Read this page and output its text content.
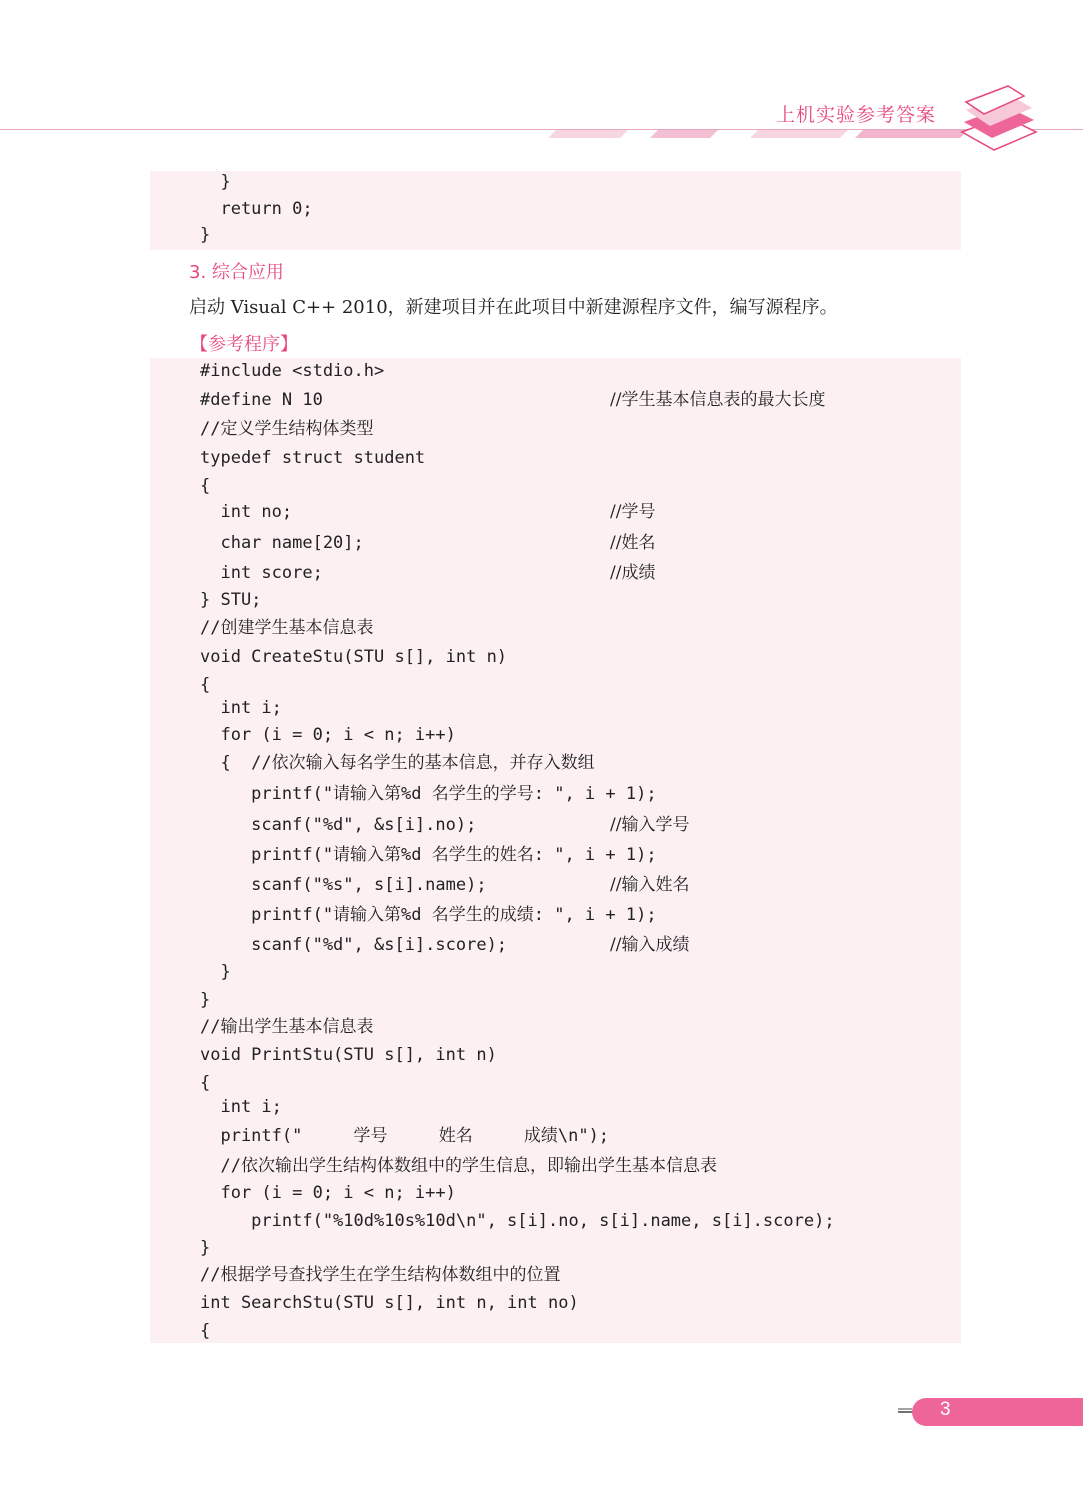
上机实验参考答案
}
return 0;
}
3. 综合应用
启动 Visual C++ 2010，新建项目并在此项目中新建源程序文件，编写源程序。
【参考程序】
#include <stdio.h>
#define N 10	//学生基本信息表的最大长度
//定义学生结构体类型
typedef struct student
{
int no;	//学号
char name[20];	//姓名
int score;	//成绩
} STU;
//创建学生基本信息表
void CreateStu(STU s[], int n)
{
int i;
for (i = 0; i < n; i++)
{  //依次输入每名学生的基本信息，并存入数组
printf("请输入第%d 名学生的学号: ", i + 1);
scanf("%d", &s[i].no);	//输入学号
printf("请输入第%d 名学生的姓名: ", i + 1);
scanf("%s", s[i].name);	//输入姓名
printf("请输入第%d 名学生的成绩: ", i + 1);
scanf("%d", &s[i].score);	//输入成绩
}
}
//输出学生基本信息表
void PrintStu(STU s[], int n)
{
int i;
printf("     学号     姓名     成绩\n");
//依次输出学生结构体数组中的学生信息，即输出学生基本信息表
for (i = 0; i < n; i++)
printf("%10d%10s%10d\n", s[i].no, s[i].name, s[i].score);
}
//根据学号查找学生在学生结构体数组中的位置
int SearchStu(STU s[], int n, int no)
{
3
